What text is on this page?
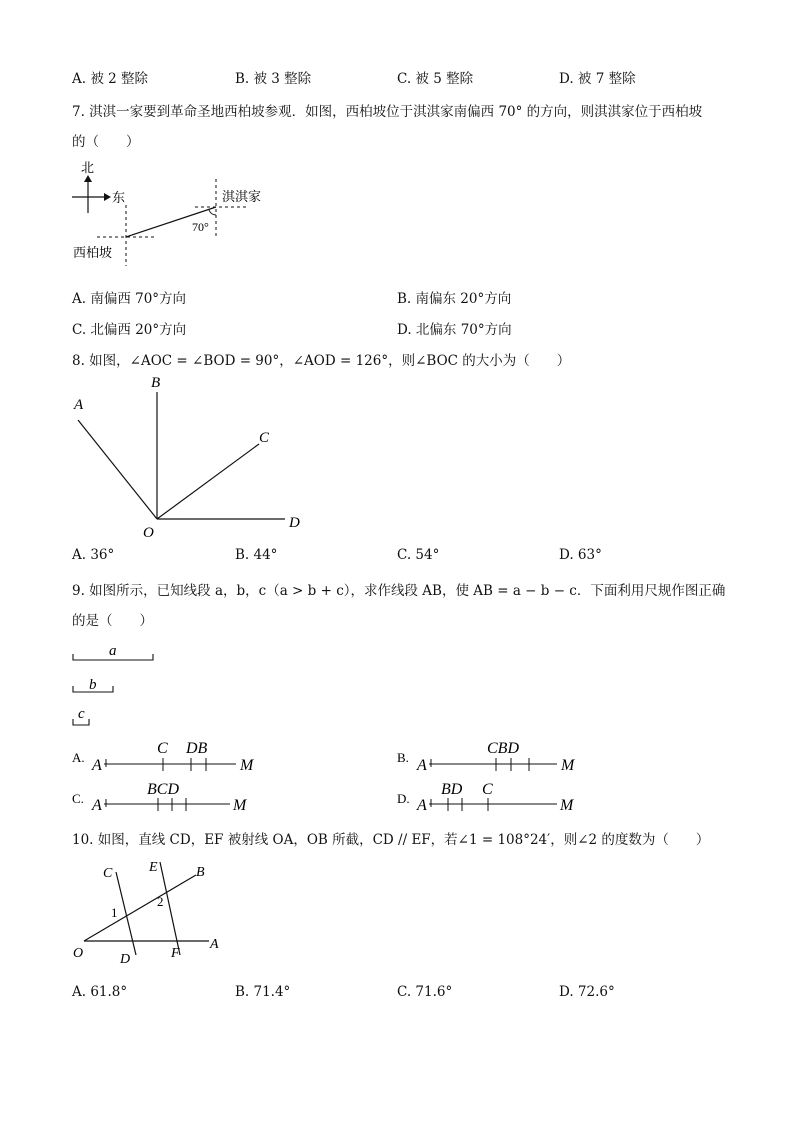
A. 被 2 整除	B. 被 3 整除	C. 被 5 整除	D. 被 7 整除
7. 淇淇一家要到革命圣地西柏坡参观．如图，西柏坡位于淇淇家南偏西 70° 的方向，则淇淇家位于西柏坡
的（　　）
北
东	淇淇家
70°
西柏坡
A. 南偏西 70°方向	B. 南偏东 20°方向
C. 北偏西 20°方向	D. 北偏东 70°方向
8. 如图，∠AOC = ∠BOD = 90°，∠AOD = 126°，则∠BOC 的大小为（　　）
A
B
C
D
O
A. 36°	B. 44°	C. 54°	D. 63°
9. 如图所示，已知线段 a，b，c（a > b + c），求作线段 AB，使 AB = a − b − c．下面利用尺规作图正确
的是（　　）
a
b
c
A. A
C DB
M	B. A
CBD
M
C. A
BCD
M	D. A
BD C
M
10. 如图，直线 CD，EF 被射线 OA，OB 所截，CD // EF，若∠1 = 108°24′，则∠2 的度数为（　　）
C	E	B
1
2
O	D	F
A
A. 61.8°	B. 71.4°	C. 71.6°	D. 72.6°
